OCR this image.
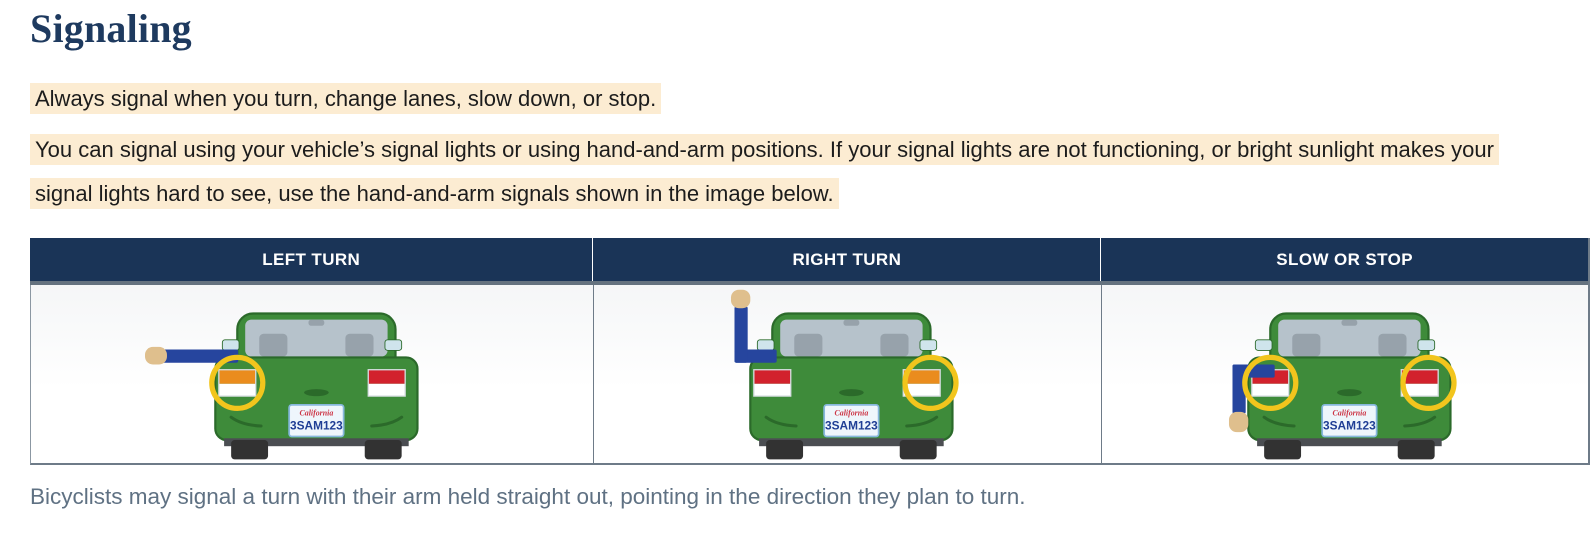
Signaling

Always signal when you turn, change lanes, slow down, or stop.

You can signal using your vehicle’s signal lights or using hand-and-arm positions. If your signal lights are not functioning, or bright sunlight makes your signal lights hard to see, use the hand-and-arm signals shown in the image below.

LEFT TURN	RIGHT TURN	SLOW OR STOP
California
3SAM123
California
3SAM123
California
3SAM123

Bicyclists may signal a turn with their arm held straight out, pointing in the direction they plan to turn.
